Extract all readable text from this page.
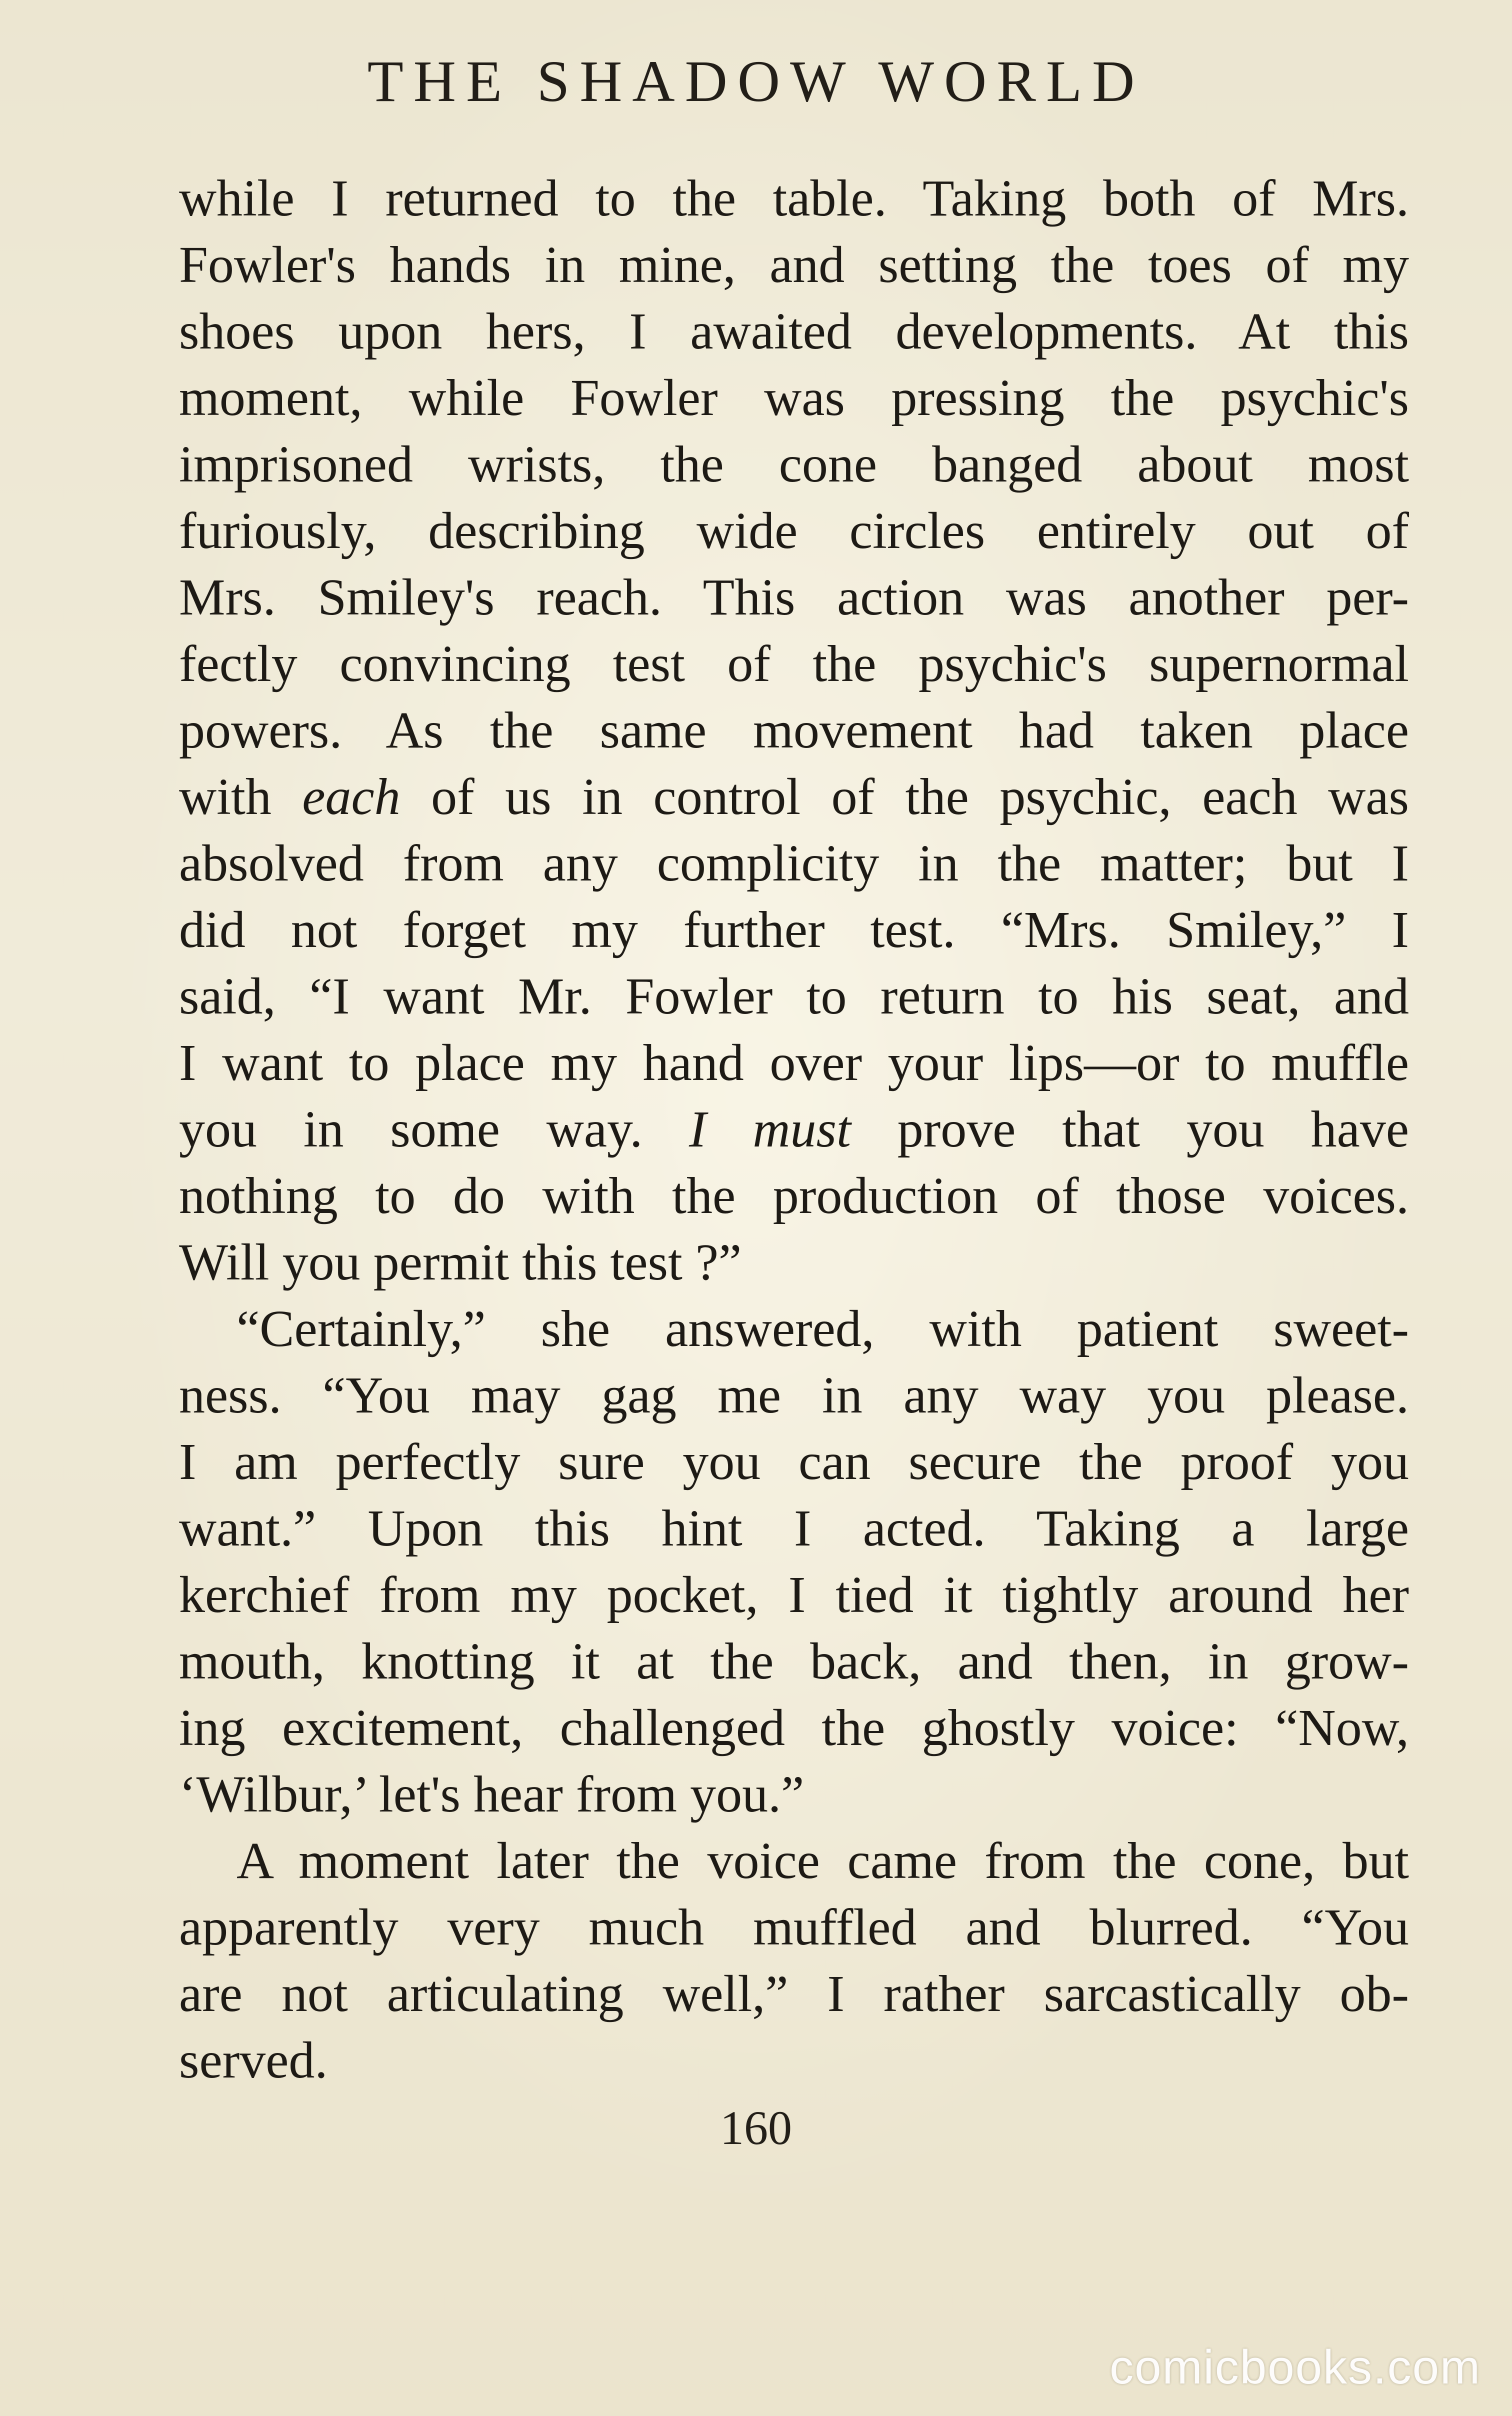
THE SHADOW WORLD
while I returned to the table. Taking both of Mrs.
Fowler's hands in mine, and setting the toes of my
shoes upon hers, I awaited developments. At this
moment, while Fowler was pressing the psychic's
imprisoned wrists, the cone banged about most
furiously, describing wide circles entirely out of
Mrs. Smiley's reach. This action was another per-
fectly convincing test of the psychic's supernormal
powers. As the same movement had taken place
with each of us in control of the psychic, each was
absolved from any complicity in the matter; but I
did not forget my further test. “Mrs. Smiley,” I
said, “I want Mr. Fowler to return to his seat, and
I want to place my hand over your lips—or to muffle
you in some way. I must prove that you have
nothing to do with the production of those voices.
Will you permit this test ?”
“Certainly,” she answered, with patient sweet-
ness. “You may gag me in any way you please.
I am perfectly sure you can secure the proof you
want.” Upon this hint I acted. Taking a large
kerchief from my pocket, I tied it tightly around her
mouth, knotting it at the back, and then, in grow-
ing excitement, challenged the ghostly voice: “Now,
‘Wilbur,’ let's hear from you.”
A moment later the voice came from the cone, but
apparently very much muffled and blurred. “You
are not articulating well,” I rather sarcastically ob-
served.
160
comicbooks.com
